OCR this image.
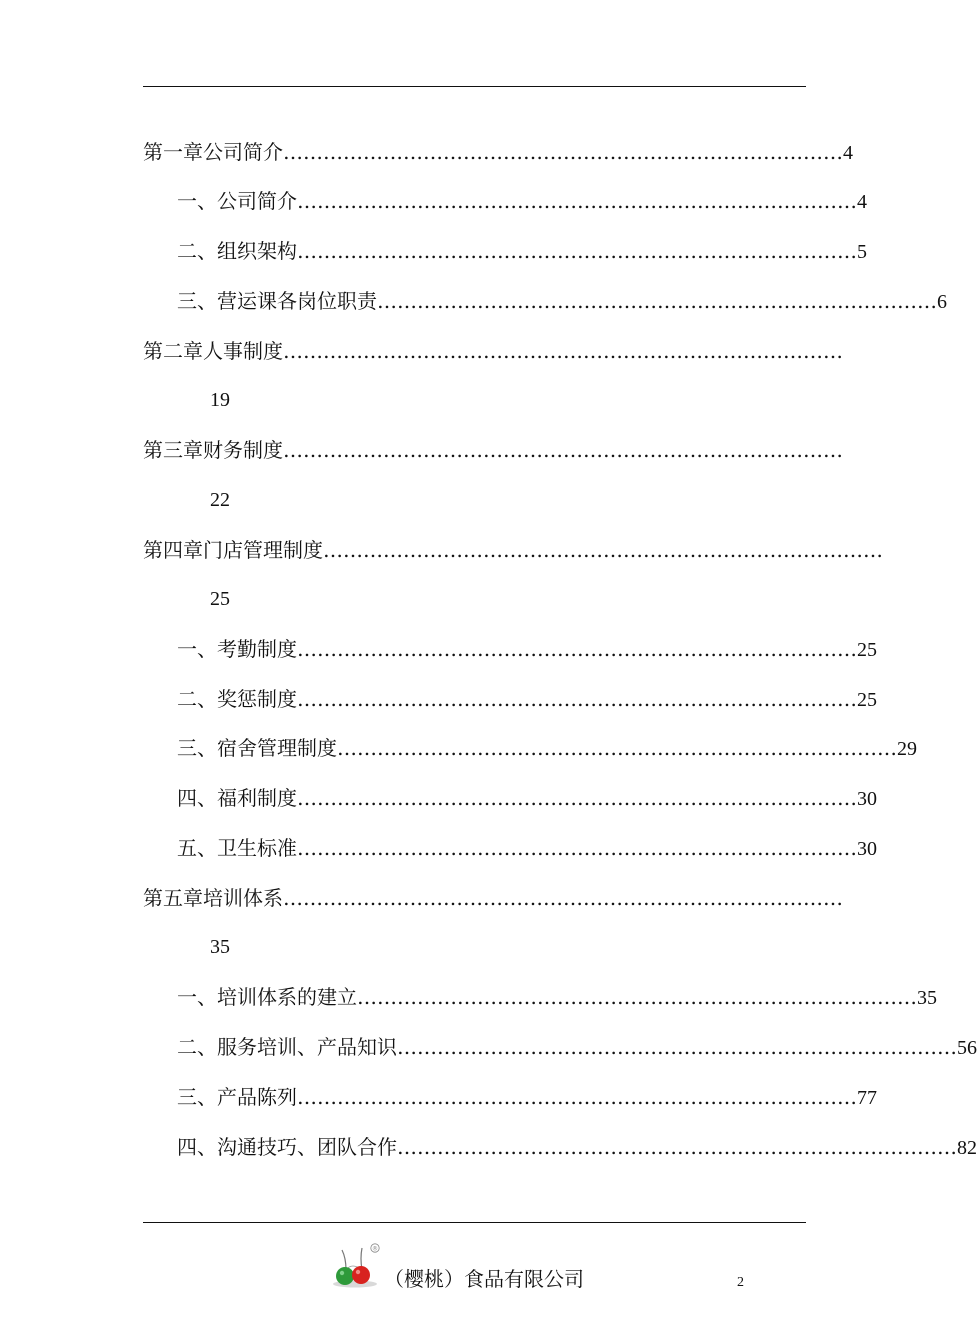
第一章 公司简介 ………………………………………………………………………… 4
一、 公司简介 ………………………………………………………………………… 4
二、 组织架构 ………………………………………………………………………… 5
三、 营运课各岗位职责 ………………………………………………………………………… 6
第二章 人事制度 …………………………………………………………………………
19
第三章 财务制度 …………………………………………………………………………
22
第四章 门店管理制度 …………………………………………………………………………
25
一、 考勤制度 ………………………………………………………………………… 25
二、 奖惩制度 ………………………………………………………………………… 25
三、 宿舍管理制度 ………………………………………………………………………… 29
四、 福利制度 ………………………………………………………………………… 30
五、 卫生标准 ………………………………………………………………………… 30
第五章 培训体系 …………………………………………………………………………
35
一、 培训体系的建立 ………………………………………………………………………… 35
二、 服务培训、产品知识 ………………………………………………………………………… 56
三、 产品陈列 ………………………………………………………………………… 77
四、 沟通技巧、团队合作 ………………………………………………………………………… 82
®
（樱桃）食品有限公司	2
